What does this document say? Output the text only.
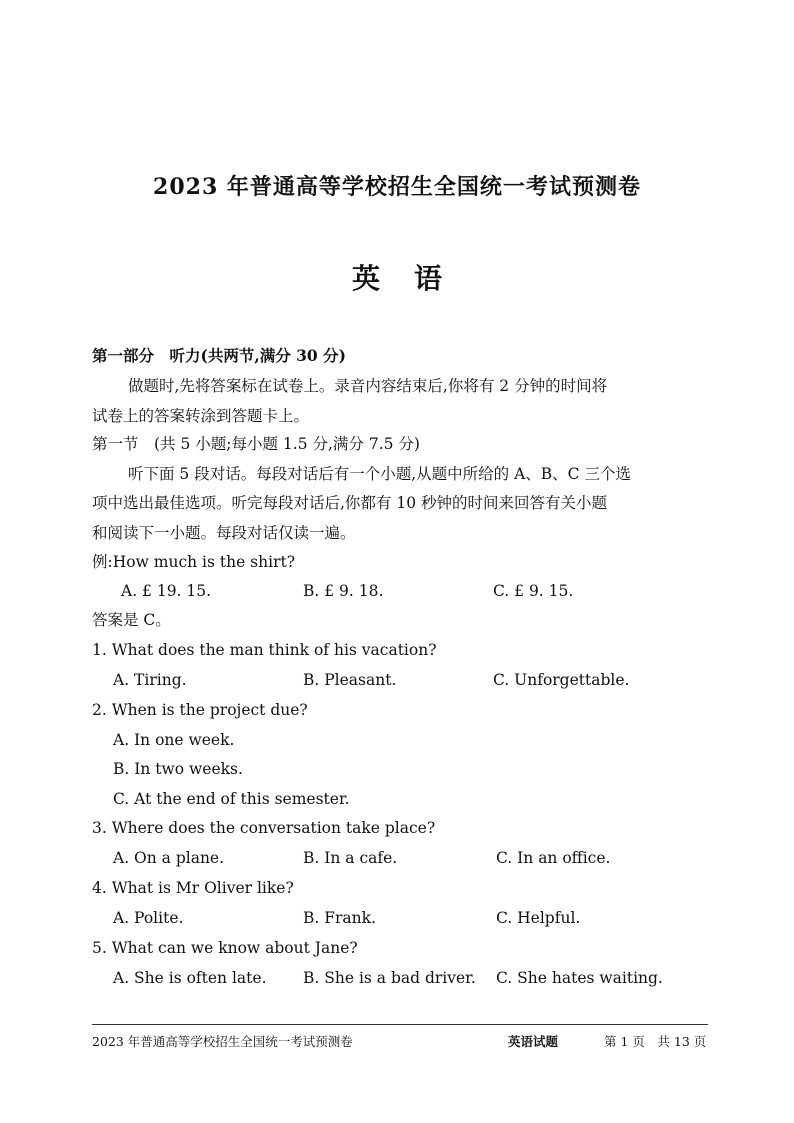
2023 年普通高等学校招生全国统一考试预测卷
英语
第一部分　听力(共两节,满分 30 分)
做题时,先将答案标在试卷上。录音内容结束后,你将有 2 分钟的时间将
试卷上的答案转涂到答题卡上。
第一节　(共 5 小题;每小题 1.5 分,满分 7.5 分)
听下面 5 段对话。每段对话后有一个小题,从题中所给的 A、B、C 三个选
项中选出最佳选项。听完每段对话后,你都有 10 秒钟的时间来回答有关小题
和阅读下一小题。每段对话仅读一遍。
例:How much is the shirt?
A. £ 19. 15.	B. £ 9. 18.	C. £ 9. 15.
答案是 C。
1. What does the man think of his vacation?
A. Tiring.	B. Pleasant.	C. Unforgettable.
2. When is the project due?
A. In one week.
B. In two weeks.
C. At the end of this semester.
3. Where does the conversation take place?
A. On a plane.	B. In a cafe.	C. In an office.
4. What is Mr Oliver like?
A. Polite.	B. Frank.	C. Helpful.
5. What can we know about Jane?
A. She is often late. B. She is a bad driver. C. She hates waiting.
2023 年普通高等学校招生全国统一考试预测卷	英语试题	第 1 页　共 13 页
